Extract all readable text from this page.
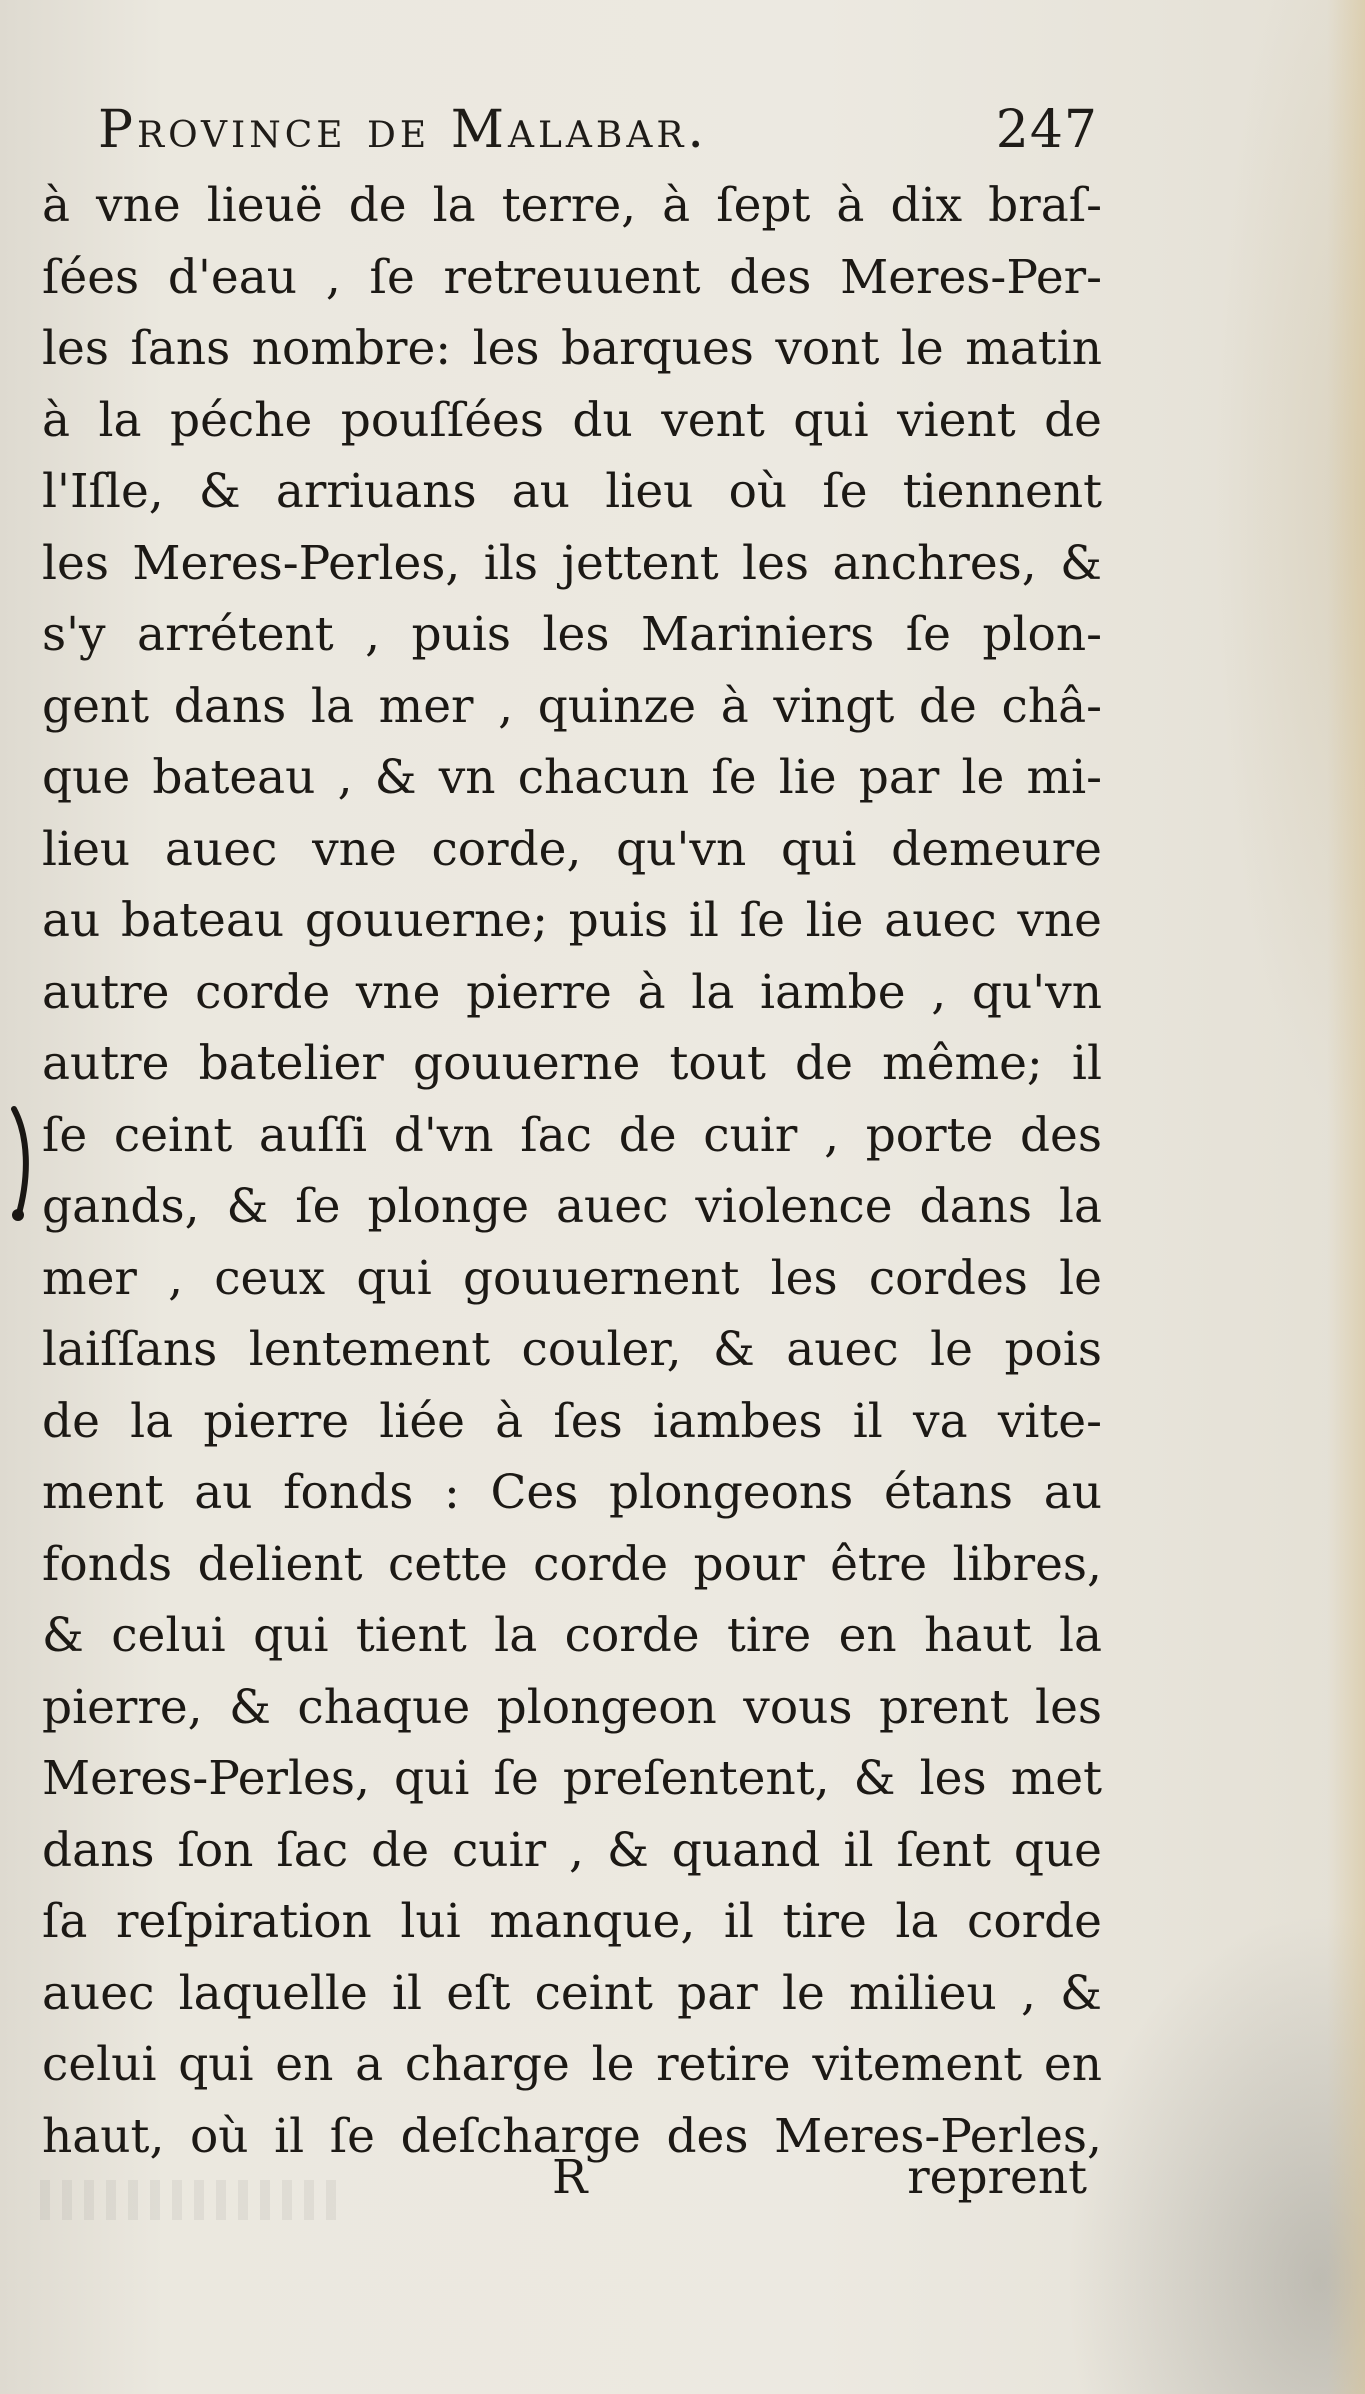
Province de Malabar.	247
à vne lieuë de la terre, à ſept à dix braſ-
ſées d'eau , ſe retreuuent des Meres-Per-
les ſans nombre: les barques vont le matin
à la péche pouſſées du vent qui vient de
l'Iſle, & arriuans au lieu où ſe tiennent
les Meres-Perles, ils jettent les anchres, &
s'y arrétent , puis les Mariniers ſe plon-
gent dans la mer , quinze à vingt de châ-
que bateau , & vn chacun ſe lie par le mi-
lieu auec vne corde, qu'vn qui demeure
au bateau gouuerne; puis il ſe lie auec vne
autre corde vne pierre à la iambe , qu'vn
autre batelier gouuerne tout de même; il
ſe ceint auſſi d'vn ſac de cuir , porte des
gands, & ſe plonge auec violence dans la
mer , ceux qui gouuernent les cordes le
laiſſans lentement couler, & auec le pois
de la pierre liée à ſes iambes il va vite-
ment au fonds : Ces plongeons étans au
fonds delient cette corde pour être libres,
& celui qui tient la corde tire en haut la
pierre, & chaque plongeon vous prent les
Meres-Perles, qui ſe preſentent, & les met
dans ſon ſac de cuir , & quand il ſent que
ſa reſpiration lui manque, il tire la corde
auec laquelle il eſt ceint par le milieu , &
celui qui en a charge le retire vitement en
haut, où il ſe deſcharge des Meres-Perles,
R	reprent
